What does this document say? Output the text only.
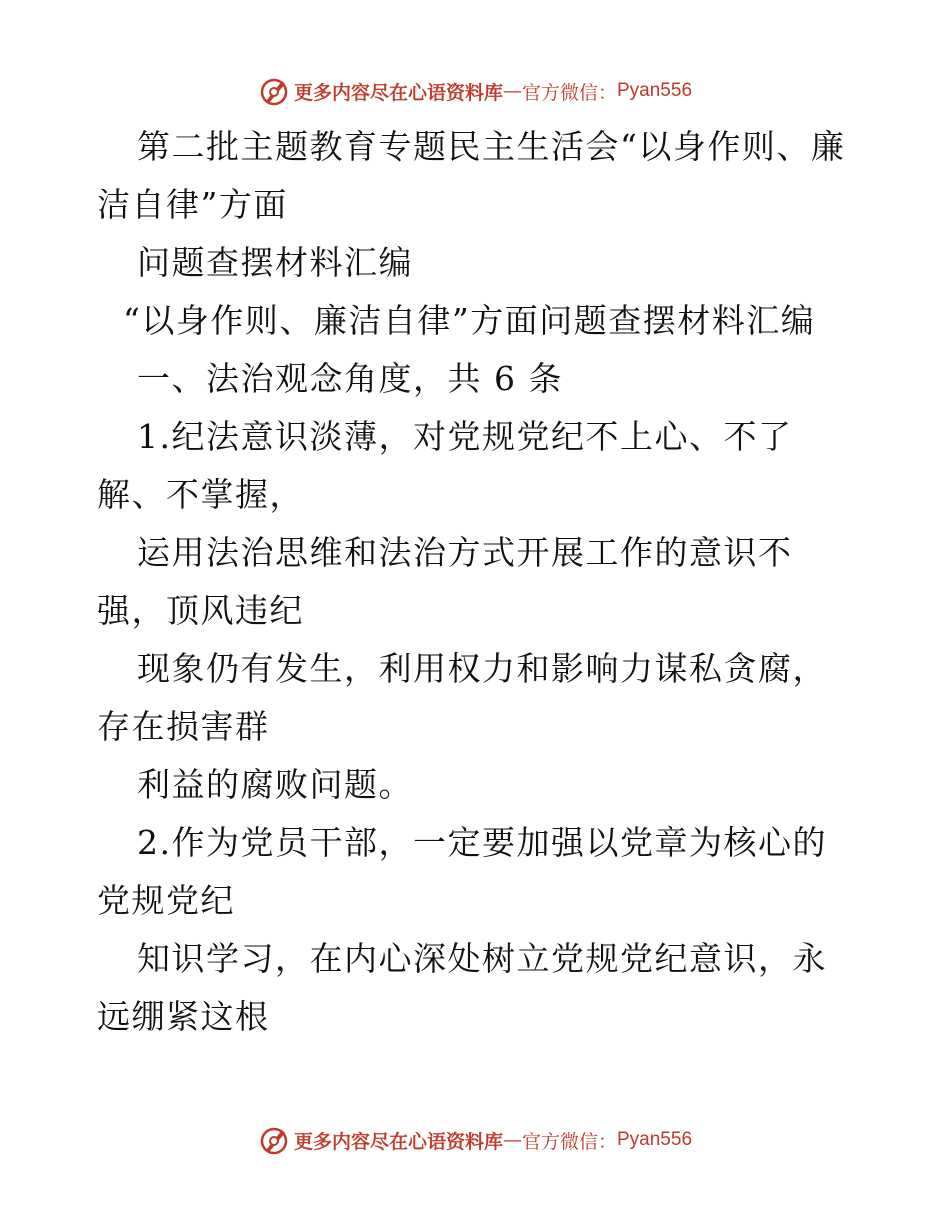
更多内容尽在心语资料库 — 官方微信： Pyan556

第二批主题教育专题民主生活会“以身作则、廉洁自律”方面

问题查摆材料汇编

“以身作则、廉洁自律”方面问题查摆材料汇编

一、法治观念角度，共 6 条

1.纪法意识淡薄，对党规党纪不上心、不了解、不掌握，

运用法治思维和法治方式开展工作的意识不强，顶风违纪

现象仍有发生，利用权力和影响力谋私贪腐，存在损害群

利益的腐败问题。

2.作为党员干部，一定要加强以党章为核心的党规党纪

知识学习，在内心深处树立党规党纪意识，永远绷紧这根

更多内容尽在心语资料库 — 官方微信： Pyan556
